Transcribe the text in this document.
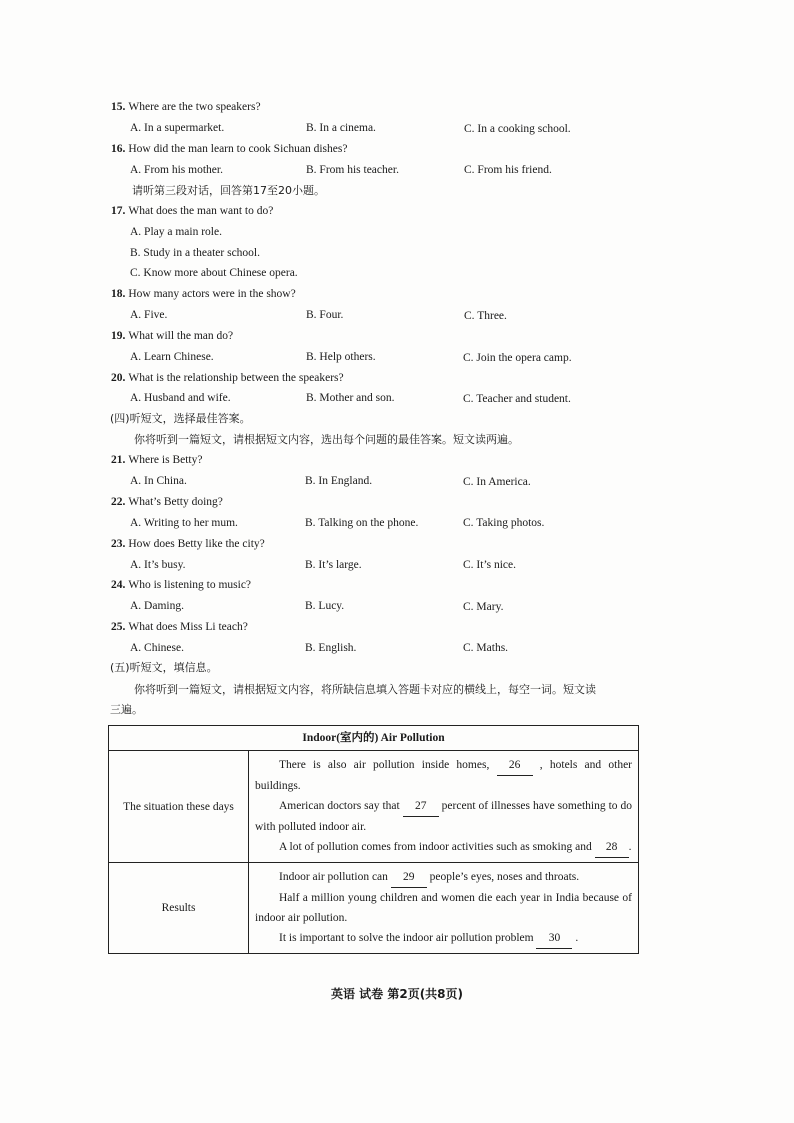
15. Where are the two speakers?
A. In a supermarket.	B. In a cinema.	C. In a cooking school.
16. How did the man learn to cook Sichuan dishes?
A. From his mother.	B. From his teacher.	C. From his friend.
请听第三段对话，回答第17至20小题。
17. What does the man want to do?
A. Play a main role.
B. Study in a theater school.
C. Know more about Chinese opera.
18. How many actors were in the show?
A. Five.	B. Four.	C. Three.
19. What will the man do?
A. Learn Chinese.	B. Help others.	C. Join the opera camp.
20. What is the relationship between the speakers?
A. Husband and wife.	B. Mother and son.	C. Teacher and student.
(四)听短文，选择最佳答案。
你将听到一篇短文，请根据短文内容，选出每个问题的最佳答案。短文读两遍。
21. Where is Betty?
A. In China.	B. In England.	C. In America.
22. What’s Betty doing?
A. Writing to her mum.	B. Talking on the phone.	C. Taking photos.
23. How does Betty like the city?
A. It’s busy.	B. It’s large.	C. It’s nice.
24. Who is listening to music?
A. Daming.	B. Lucy.	C. Mary.
25. What does Miss Li teach?
A. Chinese.	B. English.	C. Maths.
(五)听短文，填信息。
你将听到一篇短文，请根据短文内容，将所缺信息填入答题卡对应的横线上，每空一词。短文读
三遍。
Indoor(室内的) Air Pollution	
The situation these days	There is also air pollution inside homes, 26 , hotels and other buildings.

American doctors say that 27 percent of illnesses have something to do with polluted indoor air.

A lot of pollution comes from indoor activities such as smoking and 28 .

Results	Indoor air pollution can 29 people’s eyes, noses and throats.

Half a million young children and women die each year in India because of indoor air pollution.

It is important to solve the indoor air pollution problem 30 .

英语 试卷 第2页(共8页)
